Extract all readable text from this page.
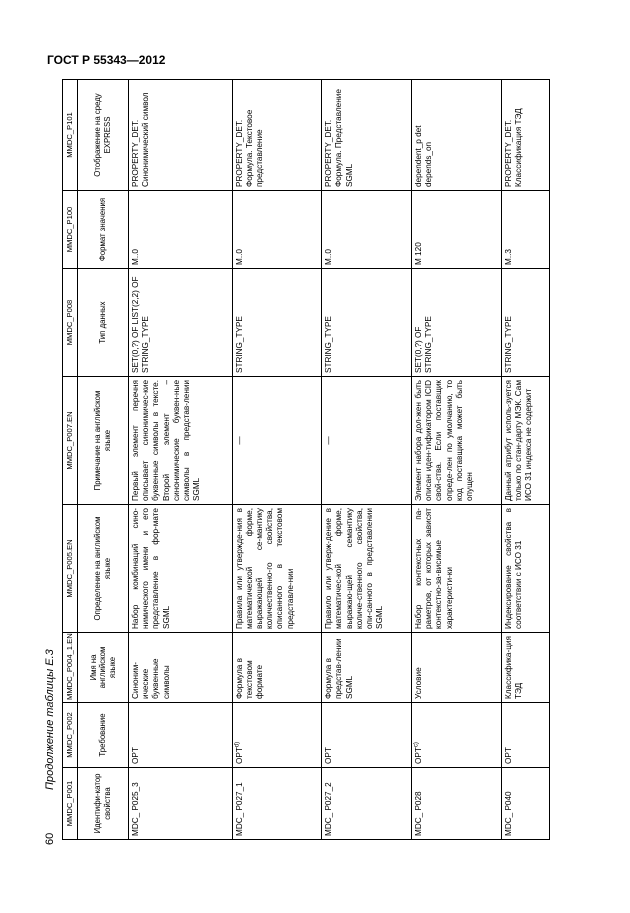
ГОСТ Р 55343—2012
Продолжение таблицы Е.3
60
MMDC_P001	MMDC_P002	MMDC_P004_1.EN	MMDC_P005.EN	MMDC_P007.EN	MMDC_P008	MMDC_P100	MMDC_P101
Идентифи-катор свойства	Требование	Имя на английском языке	Определение на английском языке	Примечание на английском языке	Тип данных	Формат значения	Отображение на среду EXPRESS
MDC_ P025_3	OPT	Синоним-ические буквенные символы	Набор комбинаций сино-нимического имени и его представление в фор-мате SGML	Первый элемент перечня описывает синонимичес-кие буквенные символы в тексте. Второй элемент – синонимические буквен-ные символы в представ-лении SGML	SET(0,?) OF LIST(2,2) OF STRING_TYPE	M..0	PROPERTY_DET. Синонимический символ
MDC_ P027_1	OPT$^{d)}$	Формула в текстовом формате	Правила или утвержде-ния в математической форме, выражающей се-мантику количественно-го свойства, описанного в текстовом представле-нии	—	STRING_TYPE	M..0	PROPERTY_DET. Формула. Текстовое представление
MDC_ P027_2	OPT	Формула в представ-лении SGML	Правило или утверж-дение в математичес-кой форме, выражаю-щей семантику количе-ственного свойства, опи-санного в представлении SGML	—	STRING_TYPE	M..0	PROPERTY_DET. Формула. Представление SGML
MDC_ P028	OPT$^{c)}$	Условие	Набор контекстных па-раметров, от которых зависят контекстно-за-висимые характеристи-ки	Элемент набора дол-жен быть описан иден-тификатором ICID свой-ства. Если поставщик опреде-лен по умолчанию, то код поставщика может быть опущен	SET(0,?) OF STRING_TYPE	M 120	dependent_p det depends_on
MDC_ P040	OPT	Классифика-ция ТЭД	Индексирование свойства в соответствии с ИСО 31	Данный атрибут исполь-зуется только по стан-дарту МЭК. Сам ИСО 31 индекса не содержит	STRING_TYPE	M..3	PROPERTY_DET. Классификация ТЭД
